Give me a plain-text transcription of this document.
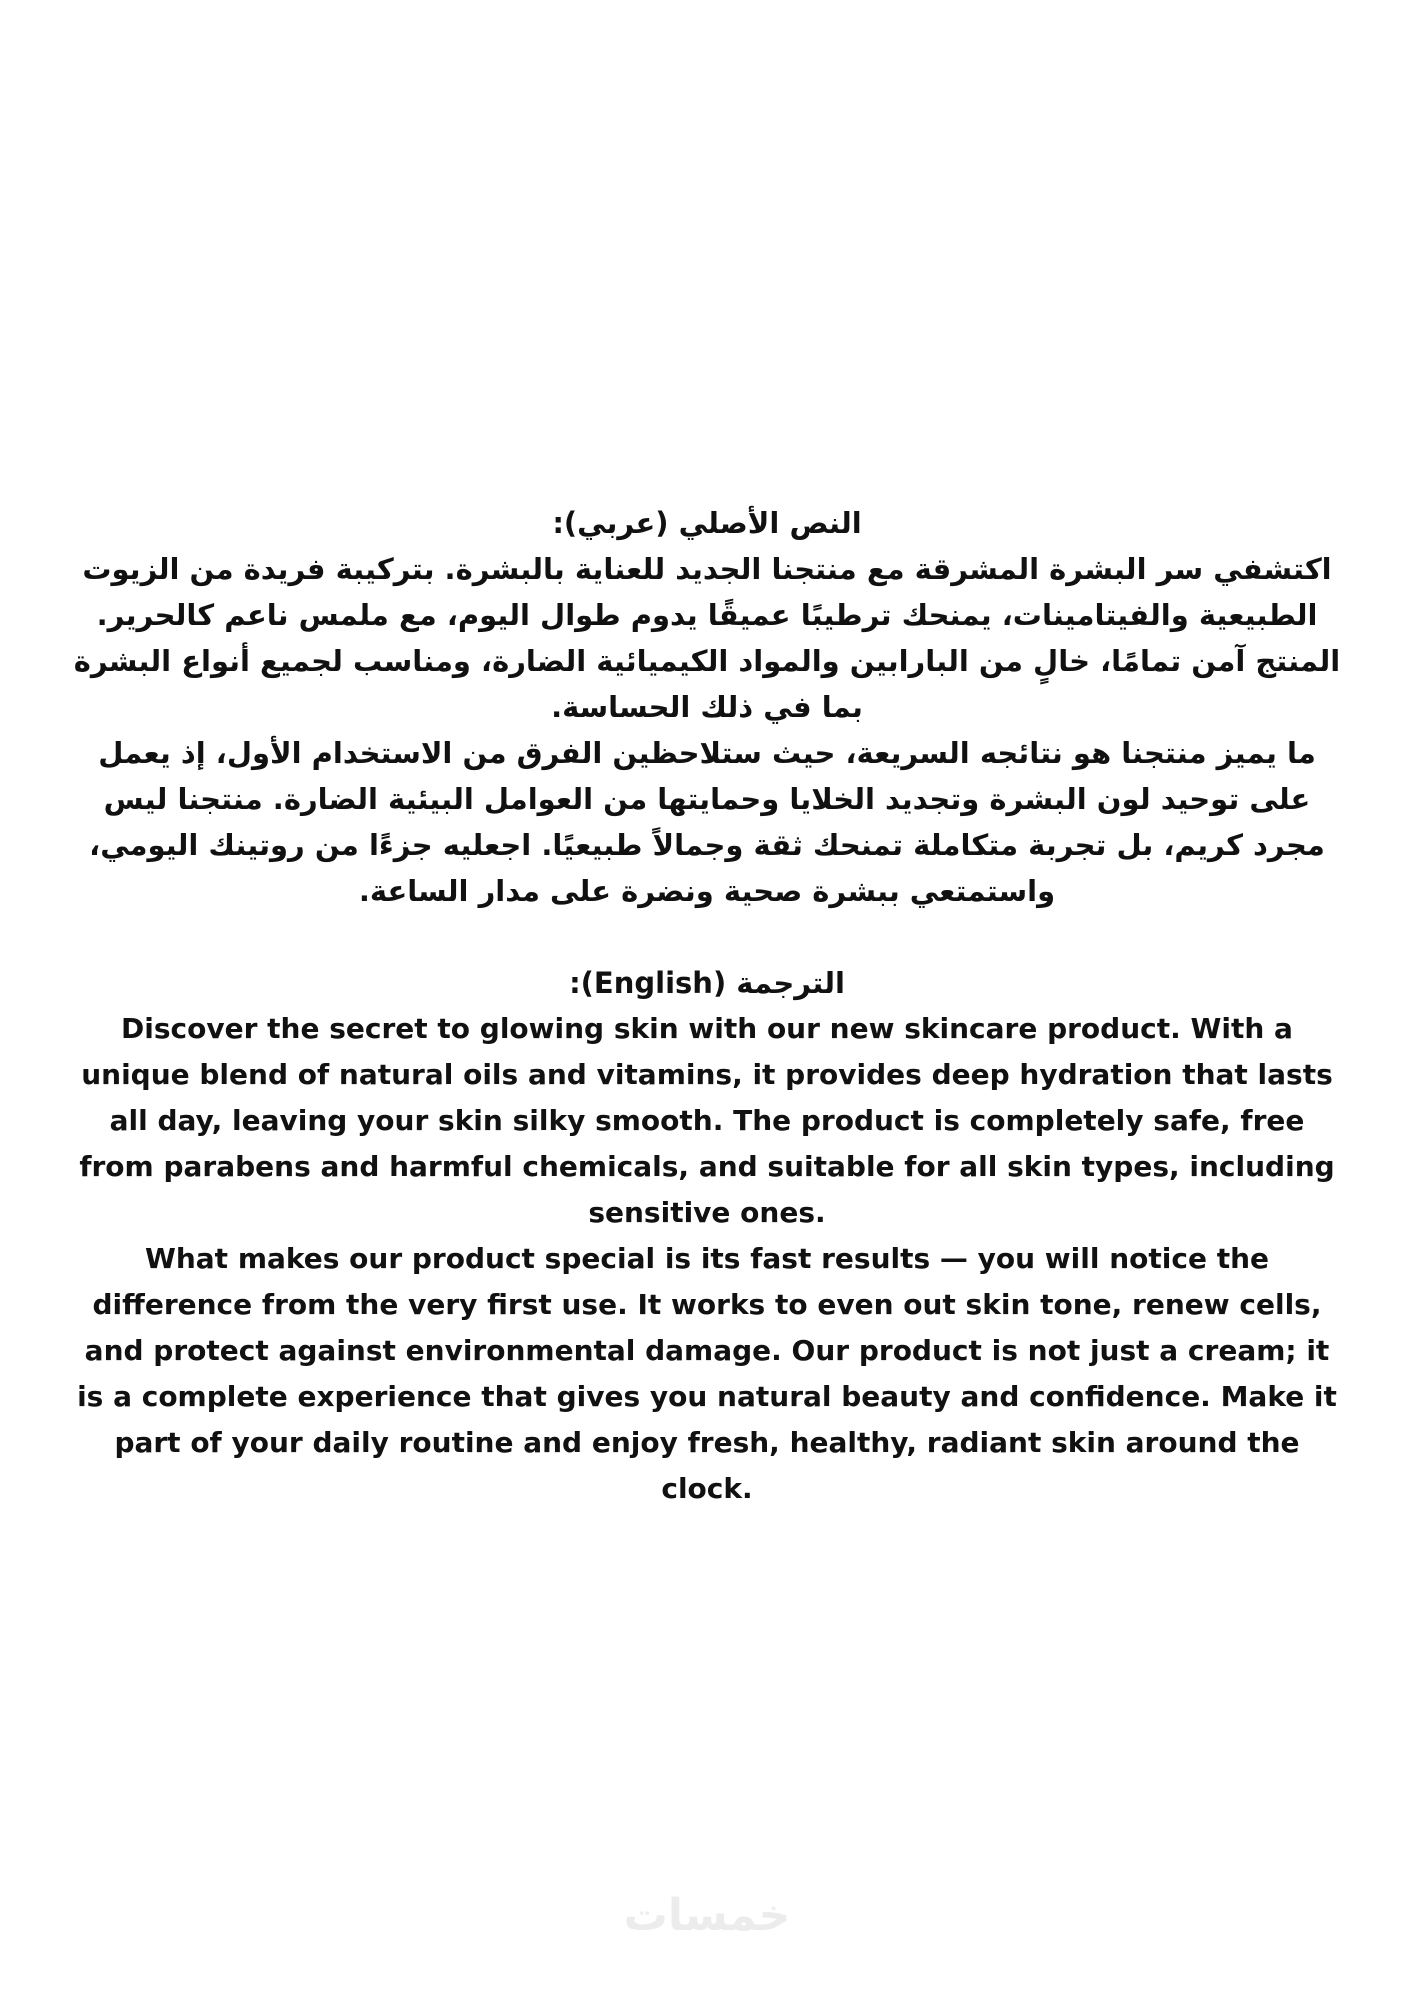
النص الأصلي (عربي):

اكتشفي سر البشرة المشرقة مع منتجنا الجديد للعناية بالبشرة. بتركيبة فريدة من الزيوت الطبيعية والفيتامينات، يمنحك ترطيبًا عميقًا يدوم طوال اليوم، مع ملمس ناعم كالحرير. المنتج آمن تمامًا، خالٍ من البارابين والمواد الكيميائية الضارة، ومناسب لجميع أنواع البشرة بما في ذلك الحساسة.

ما يميز منتجنا هو نتائجه السريعة، حيث ستلاحظين الفرق من الاستخدام الأول، إذ يعمل على توحيد لون البشرة وتجديد الخلايا وحمايتها من العوامل البيئية الضارة. منتجنا ليس مجرد كريم، بل تجربة متكاملة تمنحك ثقة وجمالاً طبيعيًا. اجعليه جزءًا من روتينك اليومي، واستمتعي ببشرة صحية ونضرة على مدار الساعة.

الترجمة (English):

Discover the secret to glowing skin with our new skincare product. With a unique blend of natural oils and vitamins, it provides deep hydration that lasts all day, leaving your skin silky smooth. The product is completely safe, free from parabens and harmful chemicals, and suitable for all skin types, including sensitive ones.

What makes our product special is its fast results — you will notice the difference from the very first use. It works to even out skin tone, renew cells, and protect against environmental damage. Our product is not just a cream; it is a complete experience that gives you natural beauty and confidence. Make it part of your daily routine and enjoy fresh, healthy, radiant skin around the clock.

خمسات
